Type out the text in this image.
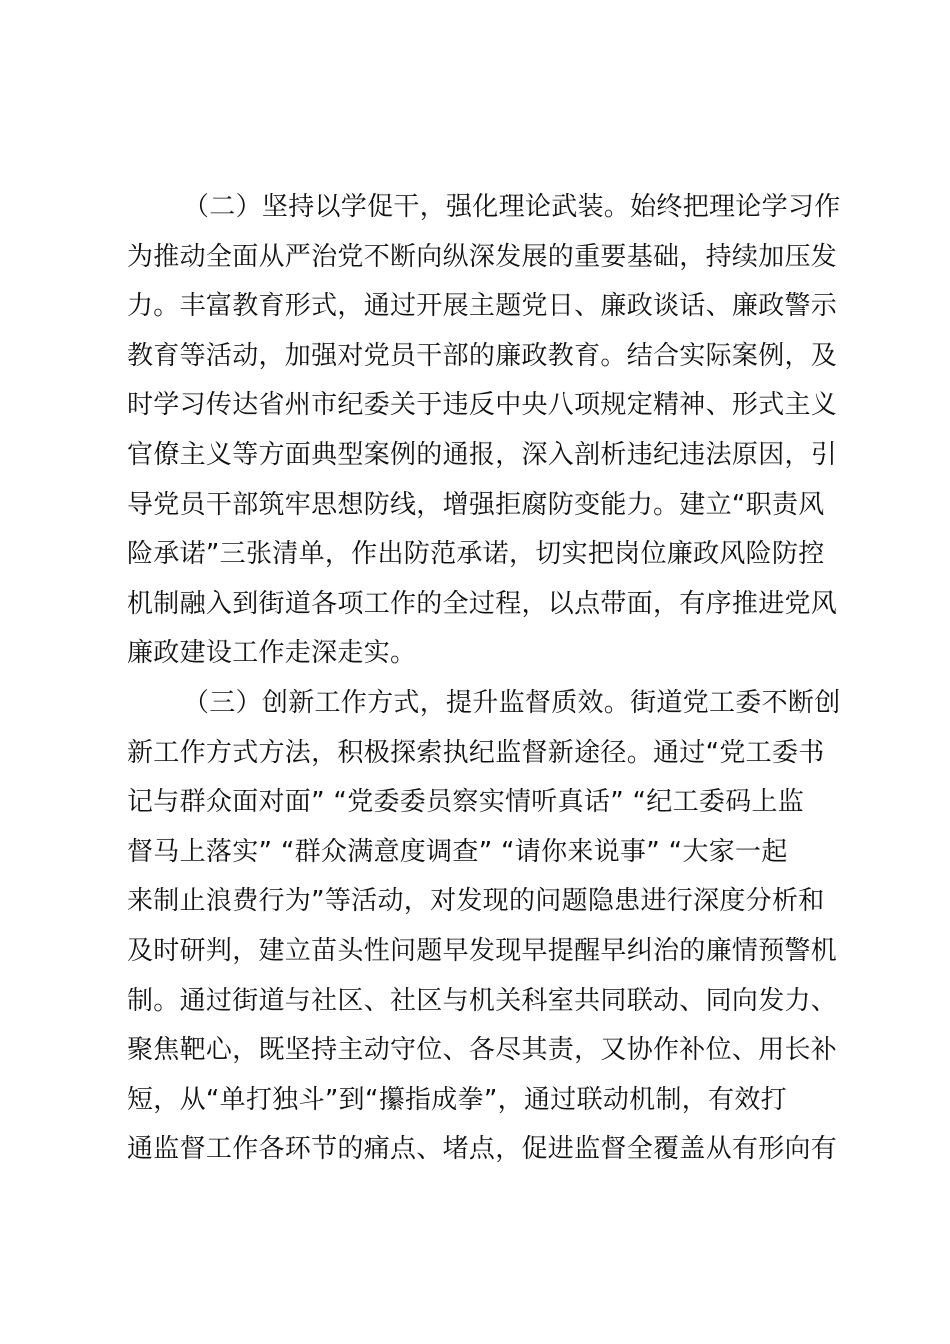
（二）坚持以学促干，强化理论武装。始终把理论学习作
为推动全面从严治党不断向纵深发展的重要基础，持续加压发
力。丰富教育形式，通过开展主题党日、廉政谈话、廉政警示
教育等活动，加强对党员干部的廉政教育。结合实际案例，及
时学习传达省州市纪委关于违反中央八项规定精神、形式主义
官僚主义等方面典型案例的通报，深入剖析违纪违法原因，引
导党员干部筑牢思想防线，增强拒腐防变能力。建立“职责风
险承诺”三张清单，作出防范承诺，切实把岗位廉政风险防控
机制融入到街道各项工作的全过程，以点带面，有序推进党风
廉政建设工作走深走实。
（三）创新工作方式，提升监督质效。街道党工委不断创
新工作方式方法，积极探索执纪监督新途径。通过“党工委书
记与群众面对面” “党委委员察实情听真话” “纪工委码上监
督马上落实” “群众满意度调查” “请你来说事” “大家一起
来制止浪费行为”等活动，对发现的问题隐患进行深度分析和
及时研判，建立苗头性问题早发现早提醒早纠治的廉情预警机
制。通过街道与社区、社区与机关科室共同联动、同向发力、
聚焦靶心，既坚持主动守位、各尽其责，又协作补位、用长补
短，从“单打独斗”到“攥指成拳”，通过联动机制，有效打
通监督工作各环节的痛点、堵点，促进监督全覆盖从有形向有
